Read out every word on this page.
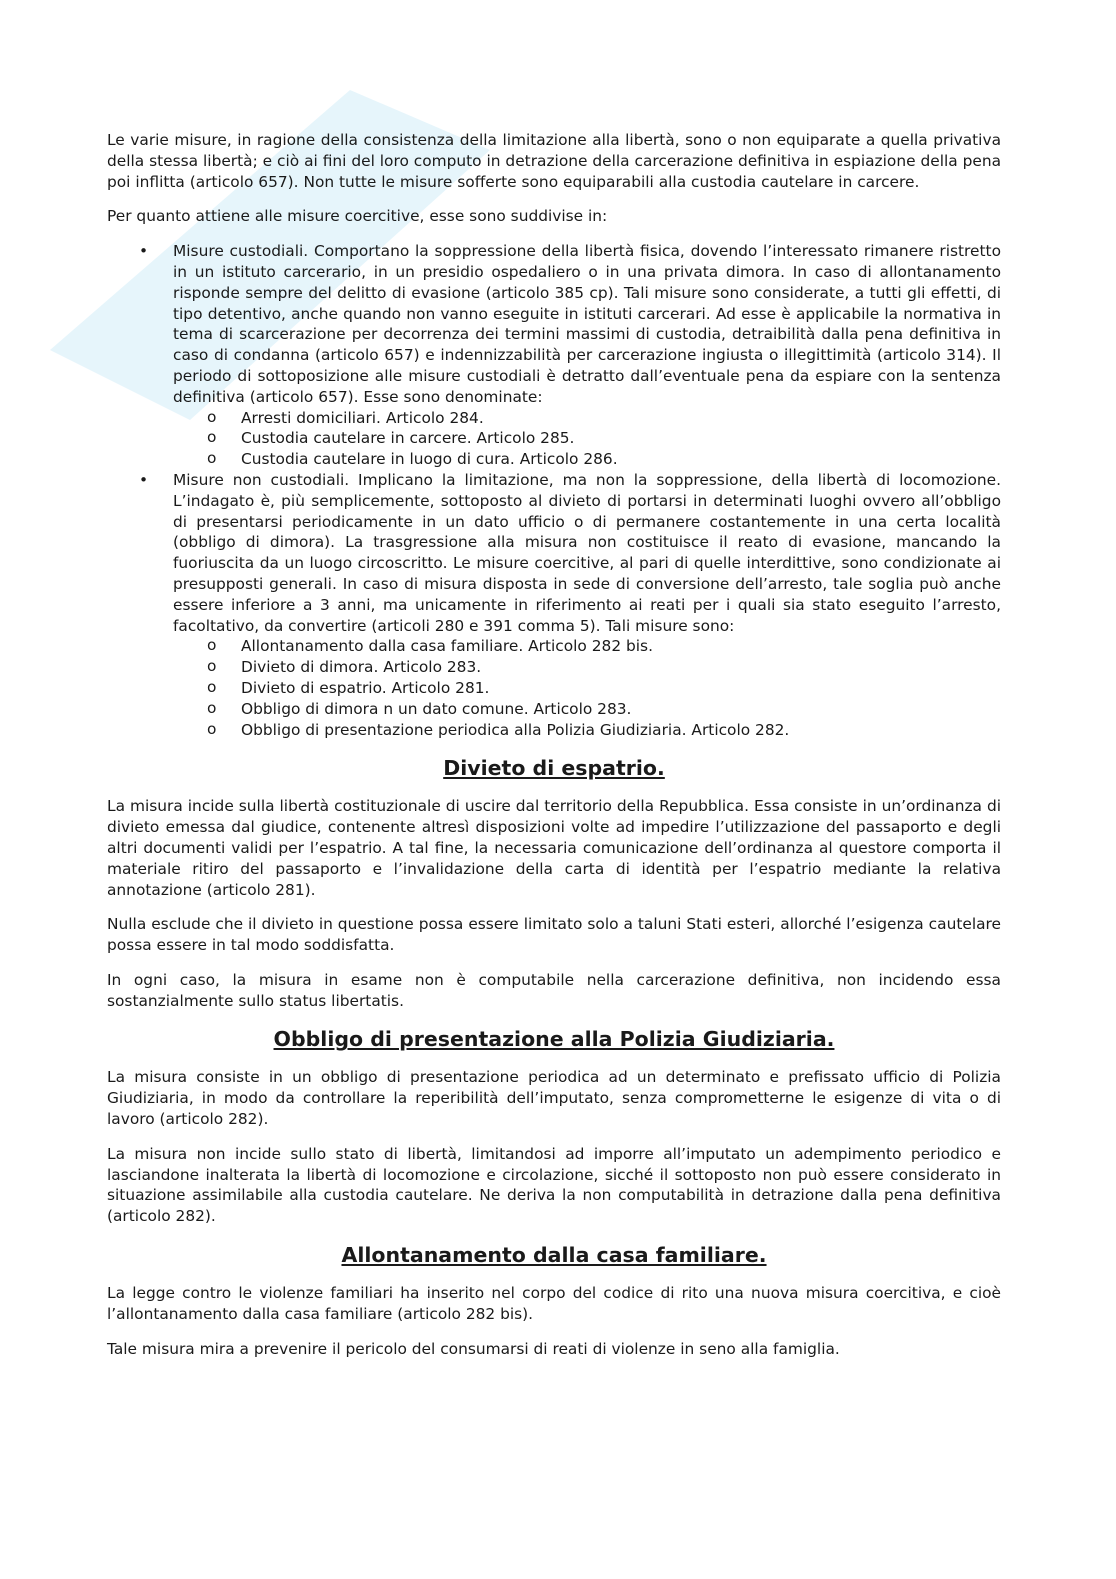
Le varie misure, in ragione della consistenza della limitazione alla libertà, sono o non equiparate a quella privativa della stessa libertà; e ciò ai fini del loro computo in detrazione della carcerazione definitiva in espiazione della pena poi inflitta (articolo 657). Non tutte le misure sofferte sono equiparabili alla custodia cautelare in carcere.

Per quanto attiene alle misure coercitive, esse sono suddivise in:

• Misure custodiali. Comportano la soppressione della libertà fisica, dovendo l’interessato rimanere ristretto in un istituto carcerario, in un presidio ospedaliero o in una privata dimora. In caso di allontanamento risponde sempre del delitto di evasione (articolo 385 cp). Tali misure sono considerate, a tutti gli effetti, di tipo detentivo, anche quando non vanno eseguite in istituti carcerari. Ad esse è applicabile la normativa in tema di scarcerazione per decorrenza dei termini massimi di custodia, detraibilità dalla pena definitiva in caso di condanna (articolo 657) e indennizzabilità per carcerazione ingiusta o illegittimità (articolo 314). Il periodo di sottoposizione alle misure custodiali è detratto dall’eventuale pena da espiare con la sentenza definitiva (articolo 657). Esse sono denominate:
o Arresti domiciliari. Articolo 284.
o Custodia cautelare in carcere. Articolo 285.
o Custodia cautelare in luogo di cura. Articolo 286.
• Misure non custodiali. Implicano la limitazione, ma non la soppressione, della libertà di locomozione. L’indagato è, più semplicemente, sottoposto al divieto di portarsi in determinati luoghi ovvero all’obbligo di presentarsi periodicamente in un dato ufficio o di permanere costantemente in una certa località (obbligo di dimora). La trasgressione alla misura non costituisce il reato di evasione, mancando la fuoriuscita da un luogo circoscritto. Le misure coercitive, al pari di quelle interdittive, sono condizionate ai presupposti generali. In caso di misura disposta in sede di conversione dell’arresto, tale soglia può anche essere inferiore a 3 anni, ma unicamente in riferimento ai reati per i quali sia stato eseguito l’arresto, facoltativo, da convertire (articoli 280 e 391 comma 5). Tali misure sono:
o Allontanamento dalla casa familiare. Articolo 282 bis.
o Divieto di dimora. Articolo 283.
o Divieto di espatrio. Articolo 281.
o Obbligo di dimora n un dato comune. Articolo 283.
o Obbligo di presentazione periodica alla Polizia Giudiziaria. Articolo 282.
Divieto di espatrio.

La misura incide sulla libertà costituzionale di uscire dal territorio della Repubblica. Essa consiste in un’ordinanza di divieto emessa dal giudice, contenente altresì disposizioni volte ad impedire l’utilizzazione del passaporto e degli altri documenti validi per l’espatrio. A tal fine, la necessaria comunicazione dell’ordinanza al questore comporta il materiale ritiro del passaporto e l’invalidazione della carta di identità per l’espatrio mediante la relativa annotazione (articolo 281).

Nulla esclude che il divieto in questione possa essere limitato solo a taluni Stati esteri, allorché l’esigenza cautelare possa essere in tal modo soddisfatta.

In ogni caso, la misura in esame non è computabile nella carcerazione definitiva, non incidendo essa sostanzialmente sullo status libertatis.

Obbligo di presentazione alla Polizia Giudiziaria.

La misura consiste in un obbligo di presentazione periodica ad un determinato e prefissato ufficio di Polizia Giudiziaria, in modo da controllare la reperibilità dell’imputato, senza comprometterne le esigenze di vita o di lavoro (articolo 282).

La misura non incide sullo stato di libertà, limitandosi ad imporre all’imputato un adempimento periodico e lasciandone inalterata la libertà di locomozione e circolazione, sicché il sottoposto non può essere considerato in situazione assimilabile alla custodia cautelare. Ne deriva la non computabilità in detrazione dalla pena definitiva (articolo 282).

Allontanamento dalla casa familiare.

La legge contro le violenze familiari ha inserito nel corpo del codice di rito una nuova misura coercitiva, e cioè l’allontanamento dalla casa familiare (articolo 282 bis).

Tale misura mira a prevenire il pericolo del consumarsi di reati di violenze in seno alla famiglia.
